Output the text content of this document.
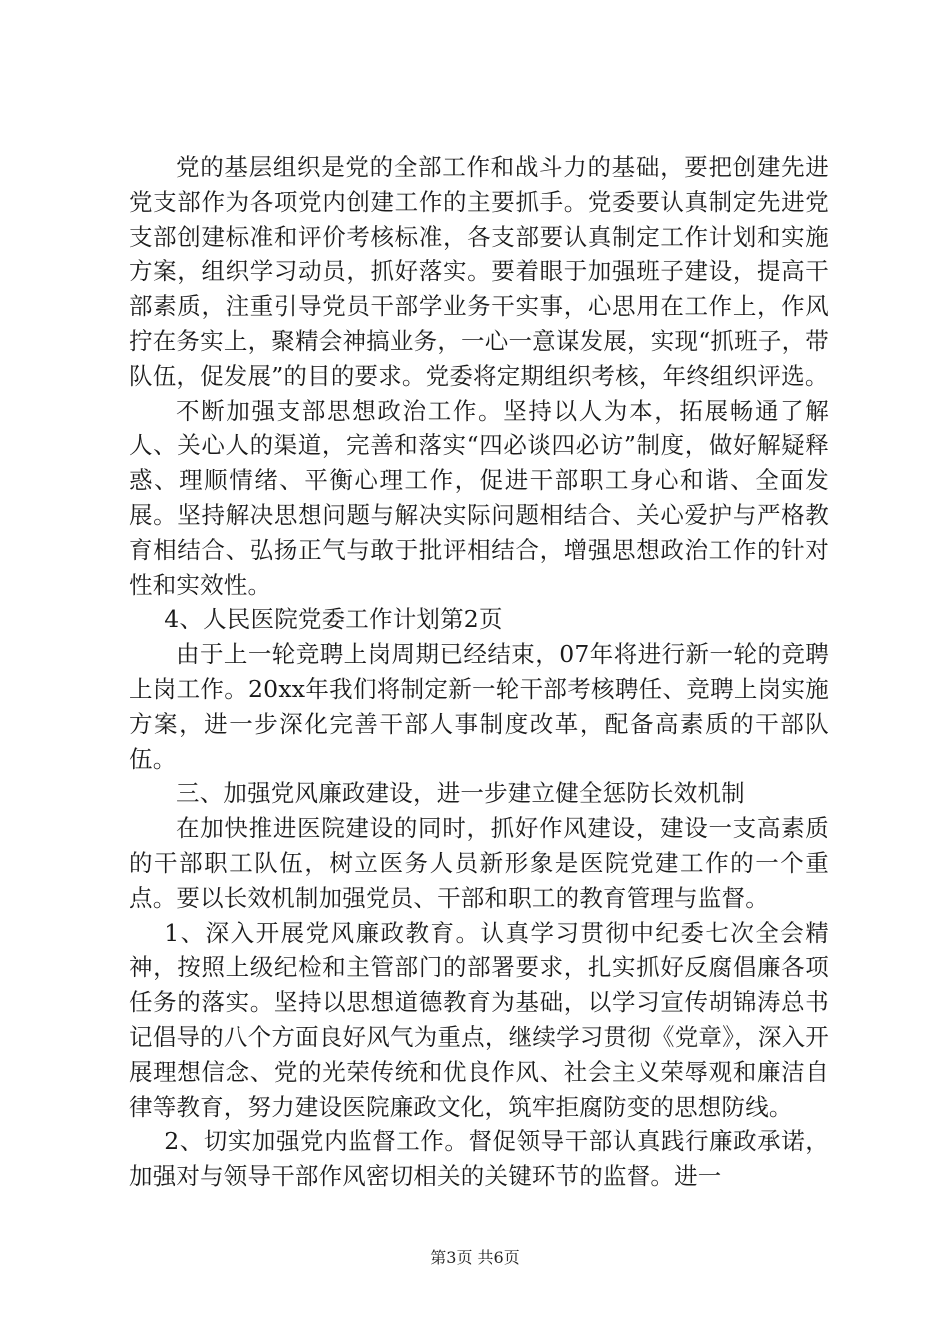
党的基层组织是党的全部工作和战斗力的基础，要把创建先进党支部作为各项党内创建工作的主要抓手。党委要认真制定先进党支部创建标准和评价考核标准，各支部要认真制定工作计划和实施方案，组织学习动员，抓好落实。要着眼于加强班子建设，提高干部素质，注重引导党员干部学业务干实事，心思用在工作上，作风拧在务实上，聚精会神搞业务，一心一意谋发展，实现“抓班子，带队伍，促发展”的目的要求。党委将定期组织考核，年终组织评选。

不断加强支部思想政治工作。坚持以人为本，拓展畅通了解人、关心人的渠道，完善和落实“四必谈四必访”制度，做好解疑释惑、理顺情绪、平衡心理工作，促进干部职工身心和谐、全面发展。坚持解决思想问题与解决实际问题相结合、关心爱护与严格教育相结合、弘扬正气与敢于批评相结合，增强思想政治工作的针对性和实效性。

4、人民医院党委工作计划第2页

由于上一轮竞聘上岗周期已经结束，07年将进行新一轮的竞聘上岗工作。20xx年我们将制定新一轮干部考核聘任、竞聘上岗实施方案，进一步深化完善干部人事制度改革，配备高素质的干部队伍。

三、加强党风廉政建设，进一步建立健全惩防长效机制

在加快推进医院建设的同时，抓好作风建设，建设一支高素质的干部职工队伍，树立医务人员新形象是医院党建工作的一个重点。要以长效机制加强党员、干部和职工的教育管理与监督。

1、深入开展党风廉政教育。认真学习贯彻中纪委七次全会精神，按照上级纪检和主管部门的部署要求，扎实抓好反腐倡廉各项任务的落实。坚持以思想道德教育为基础，以学习宣传胡锦涛总书记倡导的八个方面良好风气为重点，继续学习贯彻《党章》，深入开展理想信念、党的光荣传统和优良作风、社会主义荣辱观和廉洁自律等教育，努力建设医院廉政文化，筑牢拒腐防变的思想防线。

2、切实加强党内监督工作。督促领导干部认真践行廉政承诺，加强对与领导干部作风密切相关的关键环节的监督。进一

第3页 共6页
